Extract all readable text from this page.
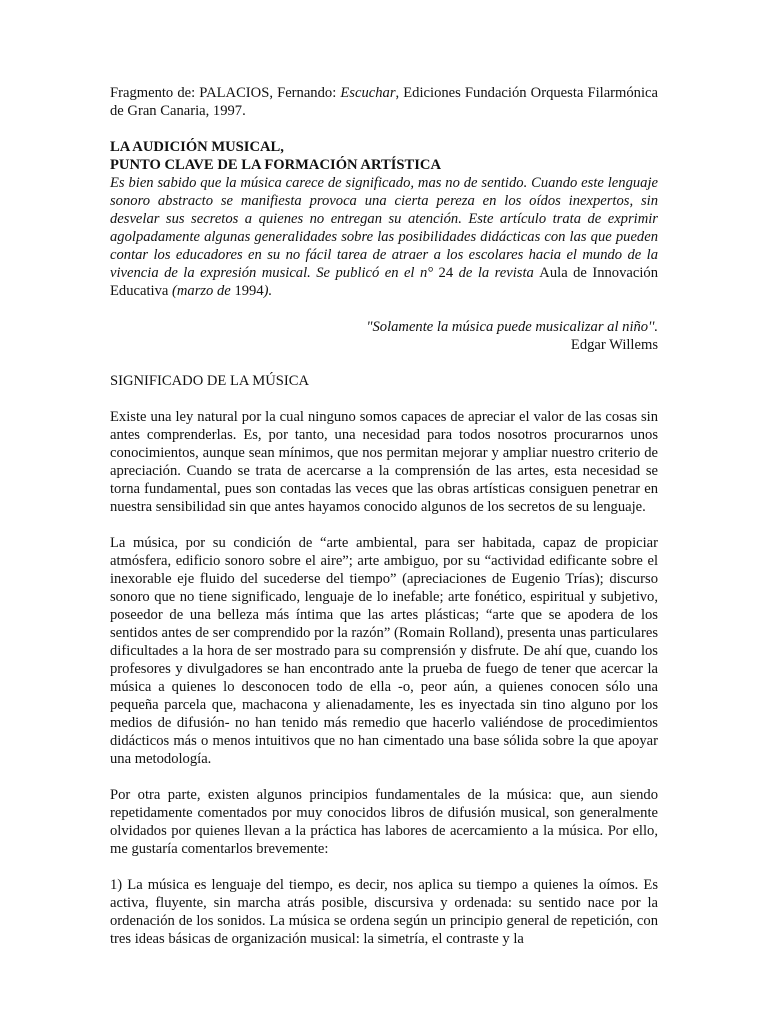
Fragmento de: PALACIOS, Fernando: Escuchar, Ediciones Fundación Orquesta Filarmónica de Gran Canaria, 1997.

LA AUDICIÓN MUSICAL,
PUNTO CLAVE DE LA FORMACIÓN ARTÍSTICA

Es bien sabido que la música carece de significado, mas no de sentido. Cuando este lenguaje sonoro abstracto se manifiesta provoca una cierta pereza en los oídos inexpertos, sin desvelar sus secretos a quienes no entregan su atención. Este artículo trata de exprimir agolpadamente algunas generalidades sobre las posibilidades didácticas con las que pueden contar los educadores en su no fácil tarea de atraer a los escolares hacia el mundo de la vivencia de la expresión musical. Se publicó en el n° 24 de la revista Aula de Innovación Educativa (marzo de 1994).

"Solamente la música puede musicalizar al niño''.
Edgar Willems
SIGNIFICADO DE LA MÚSICA

Existe una ley natural por la cual ninguno somos capaces de apreciar el valor de las cosas sin antes comprenderlas. Es, por tanto, una necesidad para todos nosotros procurarnos unos conocimientos, aunque sean mínimos, que nos permitan mejorar y ampliar nuestro criterio de apreciación. Cuando se trata de acercarse a la comprensión de las artes, esta necesidad se torna fundamental, pues son contadas las veces que las obras artísticas consiguen penetrar en nuestra sensibilidad sin que antes hayamos conocido algunos de los secretos de su lenguaje.

La música, por su condición de “arte ambiental, para ser habitada, capaz de propiciar atmósfera, edificio sonoro sobre el aire”; arte ambiguo, por su “actividad edificante sobre el inexorable eje fluido del sucederse del tiempo” (apreciaciones de Eugenio Trías); discurso sonoro que no tiene significado, lenguaje de lo inefable; arte fonético, espiritual y subjetivo, poseedor de una belleza más íntima que las artes plásticas; “arte que se apodera de los sentidos antes de ser comprendido por la razón” (Romain Rolland), presenta unas particulares dificultades a la hora de ser mostrado para su comprensión y disfrute. De ahí que, cuando los profesores y divulgadores se han encontrado ante la prueba de fuego de tener que acercar la música a quienes lo desconocen todo de ella -o, peor aún, a quienes conocen sólo una pequeña parcela que, machacona y alienadamente, les es inyectada sin tino alguno por los medios de difusión- no han tenido más remedio que hacerlo valiéndose de procedimientos didácticos más o menos intuitivos que no han cimentado una base sólida sobre la que apoyar una metodología.

Por otra parte, existen algunos principios fundamentales de la música: que, aun siendo repetidamente comentados por muy conocidos libros de difusión musical, son generalmente olvidados por quienes llevan a la práctica has labores de acercamiento a la música. Por ello, me gustaría comentarlos brevemente:

1) La música es lenguaje del tiempo, es decir, nos aplica su tiempo a quienes la oímos. Es activa, fluyente, sin marcha atrás posible, discursiva y ordenada: su sentido nace por la ordenación de los sonidos. La música se ordena según un principio general de repetición, con tres ideas básicas de organización musical: la simetría, el contraste y la
